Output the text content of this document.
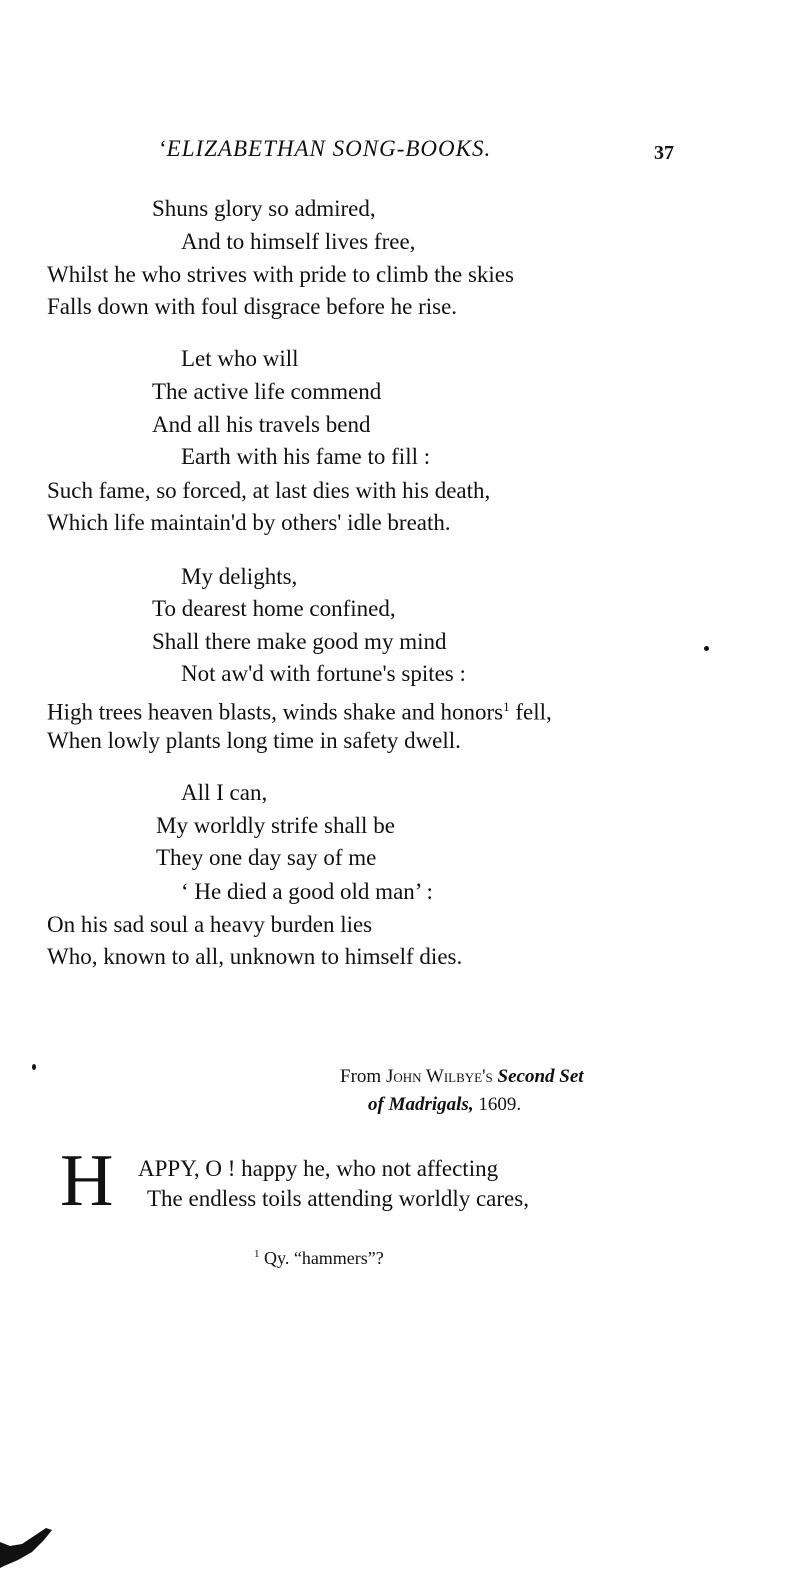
‘ELIZABETHAN SONG-BOOKS.	37
Shuns glory so admired,
And to himself lives free,
Whilst he who strives with pride to climb the skies
Falls down with foul disgrace before he rise.
Let who will
The active life commend
And all his travels bend
Earth with his fame to fill :
Such fame, so forced, at last dies with his death,
Which life maintain'd by others' idle breath.
My delights,
To dearest home confined,
Shall there make good my mind
Not aw'd with fortune's spites :
High trees heaven blasts, winds shake and honors$^1$ fell,
When lowly plants long time in safety dwell.
All I can,
My worldly strife shall be
They one day say of me
‘ He died a good old man’ :
On his sad soul a heavy burden lies
Who, known to all, unknown to himself dies.
From John Wilbye's Second Set
of Madrigals, 1609.
H APPY, O ! happy he, who not affecting
The endless toils attending worldly cares,
$^1$ Qy. “hammers”?
